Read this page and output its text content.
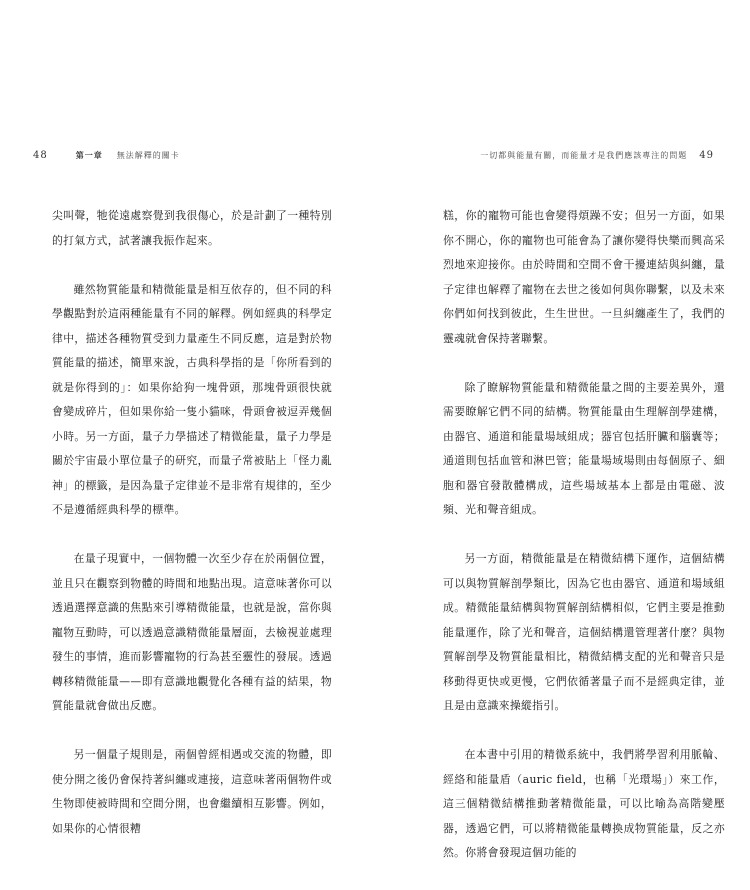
48	第一章 無法解釋的關卡

尖叫聲，牠從遠處察覺到我很傷心，於是計劃了一種特別的打氣方式，試著讓我振作起來。

雖然物質能量和精微能量是相互依存的，但不同的科學觀點對於這兩種能量有不同的解釋。例如經典的科學定律中，描述各種物質受到力量產生不同反應，這是對於物質能量的描述，簡單來說，古典科學指的是「你所看到的就是你得到的」：如果你給狗一塊骨頭，那塊骨頭很快就會變成碎片，但如果你給一隻小貓咪，骨頭會被逗弄幾個小時。另一方面，量子力學描述了精微能量，量子力學是關於宇宙最小單位量子的研究，而量子常被貼上「怪力亂神」的標籤，是因為量子定律並不是非常有規律的，至少不是遵循經典科學的標準。

在量子現實中，一個物體一次至少存在於兩個位置，並且只在觀察到物體的時間和地點出現。這意味著你可以透過選擇意識的焦點來引導精微能量，也就是說，當你與寵物互動時，可以透過意識精微能量層面，去檢視並處理發生的事情，進而影響寵物的行為甚至靈性的發展。透過轉移精微能量——即有意識地觀覺化各種有益的結果，物質能量就會做出反應。

另一個量子規則是，兩個曾經相遇或交流的物體，即使分開之後仍會保持著糾纏或連接，這意味著兩個物件或生物即使被時間和空間分開，也會繼續相互影響。例如，如果你的心情很糟

一切都與能量有關，而能量才是我們應該專注的問題 49

糕，你的寵物可能也會變得煩躁不安；但另一方面，如果你不開心，你的寵物也可能會為了讓你變得快樂而興高采烈地來迎接你。由於時間和空間不會干擾連結與糾纏，量子定律也解釋了寵物在去世之後如何與你聯繫，以及未來你們如何找到彼此，生生世世。一旦糾纏產生了，我們的靈魂就會保持著聯繫。

除了瞭解物質能量和精微能量之間的主要差異外，還需要瞭解它們不同的結構。物質能量由生理解剖學建構，由器官、通道和能量場域組成；器官包括肝臟和腦囊等；通道則包括血管和淋巴管；能量場域場則由每個原子、細胞和器官發散體構成，這些場域基本上都是由電磁、波頻、光和聲音組成。

另一方面，精微能量是在精微結構下運作，這個結構可以與物質解剖學類比，因為它也由器官、通道和場域組成。精微能量結構與物質解剖結構相似，它們主要是推動能量運作，除了光和聲音，這個結構還管理著什麼？與物質解剖學及物質能量相比，精微結構支配的光和聲音只是移動得更快或更慢，它們依循著量子而不是經典定律，並且是由意識來操縱指引。

在本書中引用的精微系統中，我們將學習利用脈輪、經絡和能量盾（auric field，也稱「光環場」）來工作，這三個精微結構推動著精微能量，可以比喻為高階變壓器，透過它們，可以將精微能量轉換成物質能量，反之亦然。你將會發現這個功能的
